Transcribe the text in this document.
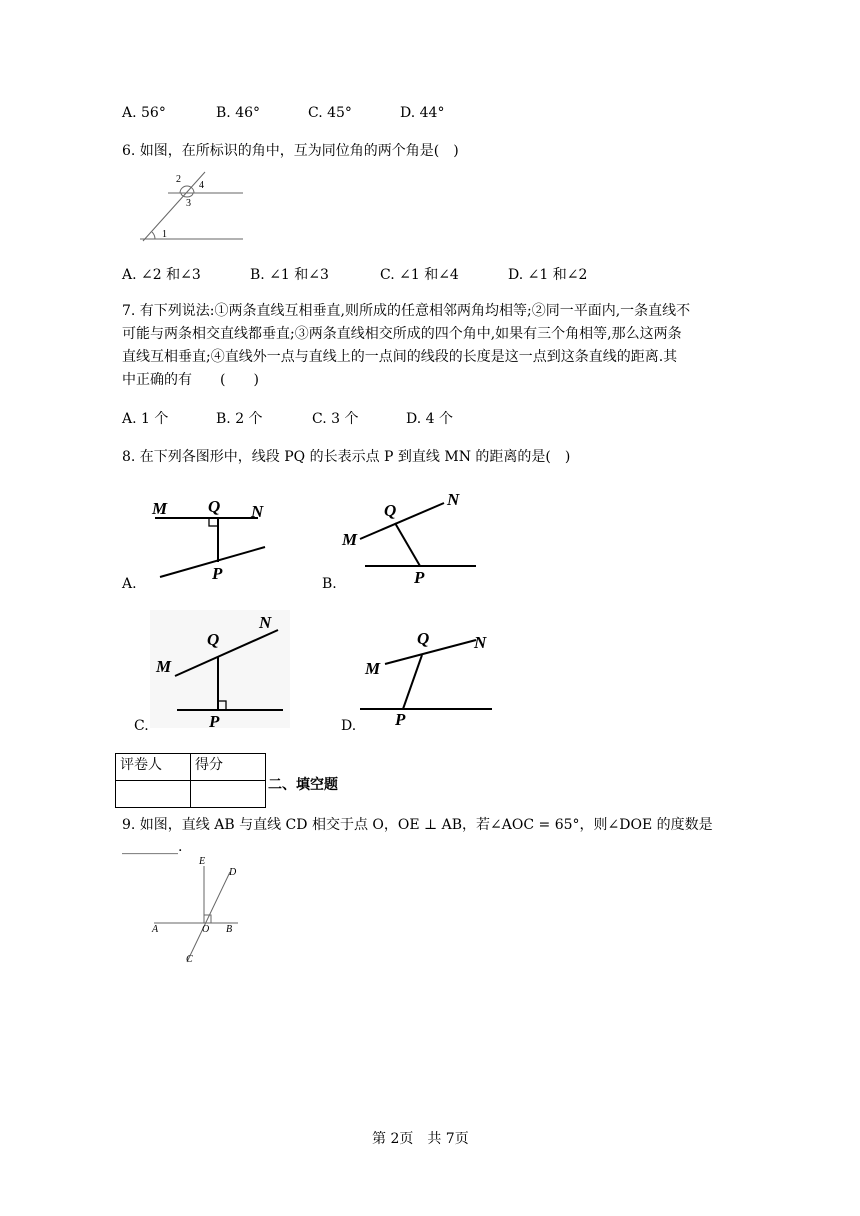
A. 56°	B. 46°	C. 45°	D. 44°
6. 如图，在所标识的角中，互为同位角的两个角是(　)
2
4
3
1
A. ∠2 和∠3	B. ∠1 和∠3	C. ∠1 和∠4	D. ∠1 和∠2
7. 有下列说法:①两条直线互相垂直,则所成的任意相邻两角均相等;②同一平面内,一条直线不
可能与两条相交直线都垂直;③两条直线相交所成的四个角中,如果有三个角相等,那么这两条
直线互相垂直;④直线外一点与直线上的一点间的线段的长度是这一点到这条直线的距离.其
中正确的有　　(　　)
A. 1 个	B. 2 个	C. 3 个	D. 4 个
8. 在下列各图形中，线段 PQ 的长表示点 P 到直线 MN 的距离的是(　)
M Q N
P
M
Q
N
P
M
Q
N
P
M
Q	N
P
A.	B.
C.	D.
评卷人	得分

二、填空题
9. 如图，直线 AB 与直线 CD 相交于点 O，OE ⊥ AB，若∠AOC = 65°，则∠DOE 的度数是
________.
E
D
A	O B
C
第 2页　共 7页
